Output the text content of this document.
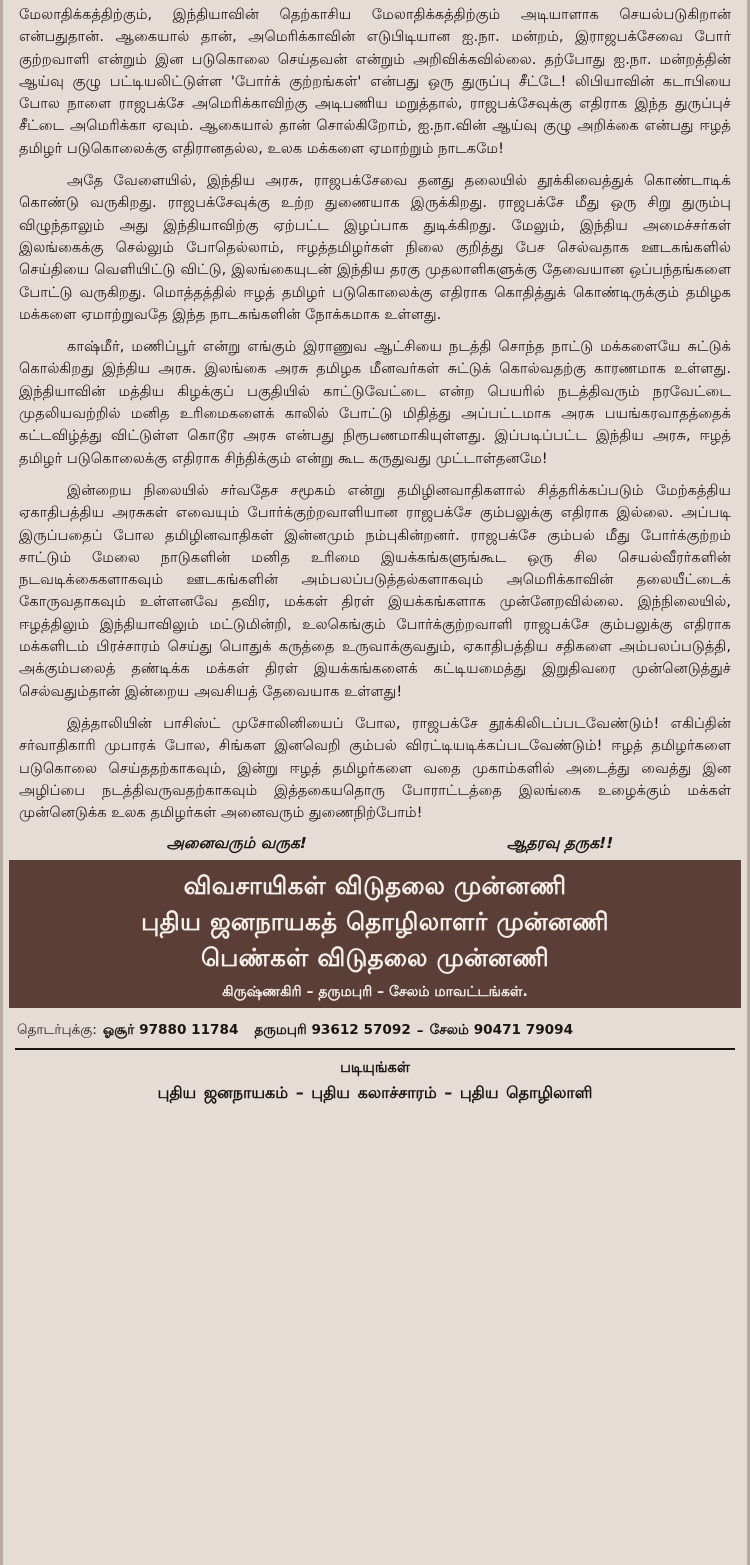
மேலாதிக்கத்திற்கும், இந்தியாவின் தெற்காசிய மேலாதிக்கத்திற்கும் அடியாளாக செயல்படுகிறான் என்பதுதான். ஆகையால் தான், அமெரிக்காவின் எடுபிடியான ஐ.நா. மன்றம், இராஜபக்சேவை போர் குற்றவாளி என்றும் இன படுகொலை செய்தவன் என்றும் அறிவிக்கவில்லை. தற்போது ஐ.நா. மன்றத்தின் ஆய்வு குழு பட்டியலிட்டுள்ள 'போர்க் குற்றங்கள்' என்பது ஒரு துருப்பு சீட்டே! லிபியாவின் கடாபியை போல நாளை ராஜபக்சே அமெரிக்காவிற்கு அடிபணிய மறுத்தால், ராஜபக்சேவுக்கு எதிராக இந்த துருப்புச் சீட்டை அமெரிக்கா ஏவும். ஆகையால் தான் சொல்கிறோம், ஐ.நா.வின் ஆய்வு குழு அறிக்கை என்பது ஈழத் தமிழர் படுகொலைக்கு எதிரானதல்ல, உலக மக்களை ஏமாற்றும் நாடகமே!

அதே வேளையில், இந்திய அரசு, ராஜபக்சேவை தனது தலையில் தூக்கிவைத்துக் கொண்டாடிக் கொண்டு வருகிறது. ராஜபக்சேவுக்கு உற்ற துணையாக இருக்கிறது. ராஜபக்சே மீது ஒரு சிறு துரும்பு விழுந்தாலும் அது இந்தியாவிற்கு ஏற்பட்ட இழப்பாக துடிக்கிறது. மேலும், இந்திய அமைச்சர்கள் இலங்கைக்கு செல்லும் போதெல்லாம், ஈழத்தமிழர்கள் நிலை குறித்து பேச செல்வதாக ஊடகங்களில் செய்தியை வெளியிட்டு விட்டு, இலங்கையுடன் இந்திய தரகு முதலாளிகளுக்கு தேவையான ஒப்பந்தங்களை போட்டு வருகிறது. மொத்தத்தில் ஈழத் தமிழர் படுகொலைக்கு எதிராக கொதித்துக் கொண்டிருக்கும் தமிழக மக்களை ஏமாற்றுவதே இந்த நாடகங்களின் நோக்கமாக உள்ளது.

காஷ்மீர், மணிப்பூர் என்று எங்கும் இராணுவ ஆட்சியை நடத்தி சொந்த நாட்டு மக்களையே சுட்டுக் கொல்கிறது இந்திய அரசு. இலங்கை அரசு தமிழக மீனவர்கள் சுட்டுக் கொல்வதற்கு காரணமாக உள்ளது. இந்தியாவின் மத்திய கிழக்குப் பகுதியில் காட்டுவேட்டை என்ற பெயரில் நடத்திவரும் நரவேட்டை முதலியவற்றில் மனித உரிமைகளைக் காலில் போட்டு மிதித்து அப்பட்டமாக அரசு பயங்கரவாதத்தைக் கட்டவிழ்த்து விட்டுள்ள கொடூர அரசு என்பது நிரூபணமாகியுள்ளது. இப்படிப்பட்ட இந்திய அரசு, ஈழத் தமிழர் படுகொலைக்கு எதிராக சிந்திக்கும் என்று கூட கருதுவது முட்டாள்தனமே!

இன்றைய நிலையில் சர்வதேச சமூகம் என்று தமிழினவாதிகளால் சித்தரிக்கப்படும் மேற்கத்திய ஏகாதிபத்திய அரசுகள் எவையும் போர்க்குற்றவாளியான ராஜபக்சே கும்பலுக்கு எதிராக இல்லை. அப்படி இருப்பதைப் போல தமிழினவாதிகள் இன்னமும் நம்புகின்றனர். ராஜபக்சே கும்பல் மீது போர்க்குற்றம் சாட்டும் மேலை நாடுகளின் மனித உரிமை இயக்கங்களுங்கூட ஒரு சில செயல்வீரர்களின் நடவடிக்கைகளாகவும் ஊடகங்களின் அம்பலப்படுத்தல்களாகவும் அமெரிக்காவின் தலையீட்டைக் கோருவதாகவும் உள்ளனவே தவிர, மக்கள் திரள் இயக்கங்களாக முன்னேறவில்லை. இந்நிலையில், ஈழத்திலும் இந்தியாவிலும் மட்டுமின்றி, உலகெங்கும் போர்க்குற்றவாளி ராஜபக்சே கும்பலுக்கு எதிராக மக்களிடம் பிரச்சாரம் செய்து பொதுக் கருத்தை உருவாக்குவதும், ஏகாதிபத்திய சதிகளை அம்பலப்படுத்தி, அக்கும்பலைத் தண்டிக்க மக்கள் திரள் இயக்கங்களைக் கட்டியமைத்து இறுதிவரை முன்னெடுத்துச் செல்வதும்தான் இன்றைய அவசியத் தேவையாக உள்ளது!

இத்தாலியின் பாசிஸ்ட் முசோலினியைப் போல, ராஜபக்சே தூக்கிலிடப்படவேண்டும்! எகிப்தின் சர்வாதிகாரி முபாரக் போல, சிங்கள இனவெறி கும்பல் விரட்டியடிக்கப்படவேண்டும்! ஈழத் தமிழர்களை படுகொலை செய்ததற்காகவும், இன்று ஈழத் தமிழர்களை வதை முகாம்களில் அடைத்து வைத்து இன அழிப்பை நடத்திவருவதற்காகவும் இத்தகையதொரு போராட்டத்தை இலங்கை உழைக்கும் மக்கள் முன்னெடுக்க உலக தமிழர்கள் அனைவரும் துணைநிற்போம்!

அனைவரும் வருக!	ஆதரவு தருக!!
விவசாயிகள் விடுதலை முன்னணி
புதிய ஜனநாயகத் தொழிலாளர் முன்னணி
பெண்கள் விடுதலை முன்னணி
கிருஷ்ணகிரி – தருமபுரி – சேலம் மாவட்டங்கள்.
தொடர்புக்கு: ஓசூர் 97880 11784 தருமபுரி 93612 57092 – சேலம் 90471 79094
படியுங்கள்
புதிய ஜனநாயகம் – புதிய கலாச்சாரம் – புதிய தொழிலாளி
